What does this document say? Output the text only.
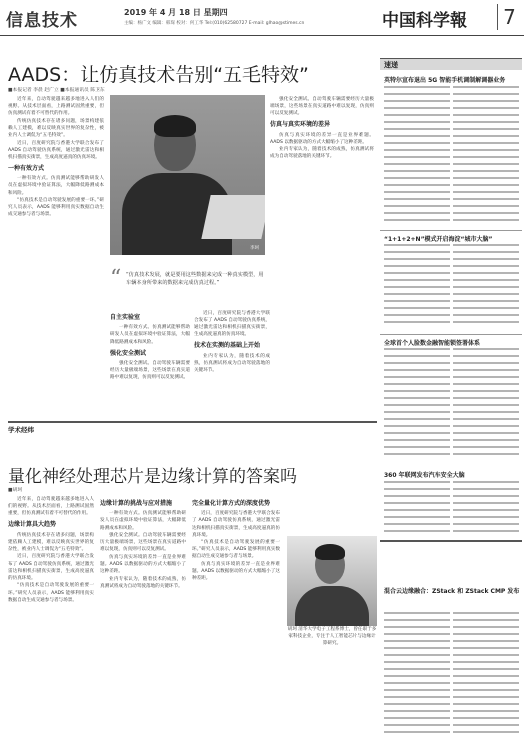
信息技术	2019 年 4 月 18 日 星期四
主编：杨广文 编辑：韩琛 校对：何工华 Tel:(010)62580727 E-mail: glhao@stimes.cn	中国科学報	7
AADS：让仿真技术告别“五毛特效”
■本报记者 李晨 赵广立 ■本报通讯员 陈卫东

近年来，自动驾驶越来越多地进入人们的视野。从技术层面看，上路测试固然重要，但仿真测试有着不可替代的作用。

传统仿真技术存在诸多问题，场景构建依赖人工建模，难以反映真实世界的复杂性，被业内人士调侃为“五毛特效”。

近日，百度研究院与香港大学联合发布了 AADS 自动驾驶仿真系统，通过激光雷达和相机扫描真实街景，生成高度逼真的仿真环境。

一种有效方式

一种有效方式。仿真测试能够帮助研发人员在虚拟环境中验证算法，大幅降低路测成本和风险。

“仿真技术是自动驾驶发展的重要一环。”研究人员表示，AADS 能够利用真实数据自动生成交通参与者与场景。

李珂

强化安全测试。自动驾驶车辆需要经历大量极端场景，这些场景在真实道路中难以复现，仿真则可以反复测试。

仿真与真实环境的差异

仿真与真实环境的差异一直是业界难题。AADS 以数据驱动的方式大幅缩小了这种差距。

业内专家认为，随着技术的成熟，仿真测试将成为自动驾驶落地的关键环节。

“ “仿真技术发展，就是要用这些数据来完成一种真实模型，用车辆本身所带来的数据来完成仿真过程。”
自主实验室

一种有效方式。仿真测试能够帮助研发人员在虚拟环境中验证算法，大幅降低路测成本和风险。

强化安全测试

强化安全测试。自动驾驶车辆需要经历大量极端场景，这些场景在真实道路中难以复现，仿真则可以反复测试。

近日，百度研究院与香港大学联合发布了 AADS 自动驾驶仿真系统，通过激光雷达和相机扫描真实街景，生成高度逼真的仿真环境。

技术在实测的基础上开始

业内专家认为，随着技术的成熟，仿真测试将成为自动驾驶落地的关键环节。

速递
英特尔宣布退出 5G 智能手机调制解调器业务
“1+1+2+N”模式开启海淀“城市大脑”
全球首个人脸数金融智能锁签署体系
学术经纬
量化神经处理芯片是边缘计算的答案吗
■胡珂

近年来，自动驾驶越来越多地进入人们的视野。从技术层面看，上路测试固然重要，但仿真测试有着不可替代的作用。

边缘计算具大趋势

传统仿真技术存在诸多问题，场景构建依赖人工建模，难以反映真实世界的复杂性，被业内人士调侃为“五毛特效”。

近日，百度研究院与香港大学联合发布了 AADS 自动驾驶仿真系统，通过激光雷达和相机扫描真实街景，生成高度逼真的仿真环境。

“仿真技术是自动驾驶发展的重要一环。”研究人员表示，AADS 能够利用真实数据自动生成交通参与者与场景。

边缘计算的挑战与应对措施

一种有效方式。仿真测试能够帮助研发人员在虚拟环境中验证算法，大幅降低路测成本和风险。

强化安全测试。自动驾驶车辆需要经历大量极端场景，这些场景在真实道路中难以复现，仿真则可以反复测试。

仿真与真实环境的差异一直是业界难题。AADS 以数据驱动的方式大幅缩小了这种差距。

业内专家认为，随着技术的成熟，仿真测试将成为自动驾驶落地的关键环节。

完全量化计算方式的深度优势

近日，百度研究院与香港大学联合发布了 AADS 自动驾驶仿真系统，通过激光雷达和相机扫描真实街景，生成高度逼真的仿真环境。

“仿真技术是自动驾驶发展的重要一环。”研究人员表示，AADS 能够利用真实数据自动生成交通参与者与场景。

仿真与真实环境的差异一直是业界难题。AADS 以数据驱动的方式大幅缩小了这种差距。

胡珂 清华大学电子工程系博士，曾任职于多家科技企业，专注于人工智能芯片与边缘计算研究。
360 年联网发布汽车安全大脑
混合云边缘融合：ZStack 和 ZStack CMP 发布
